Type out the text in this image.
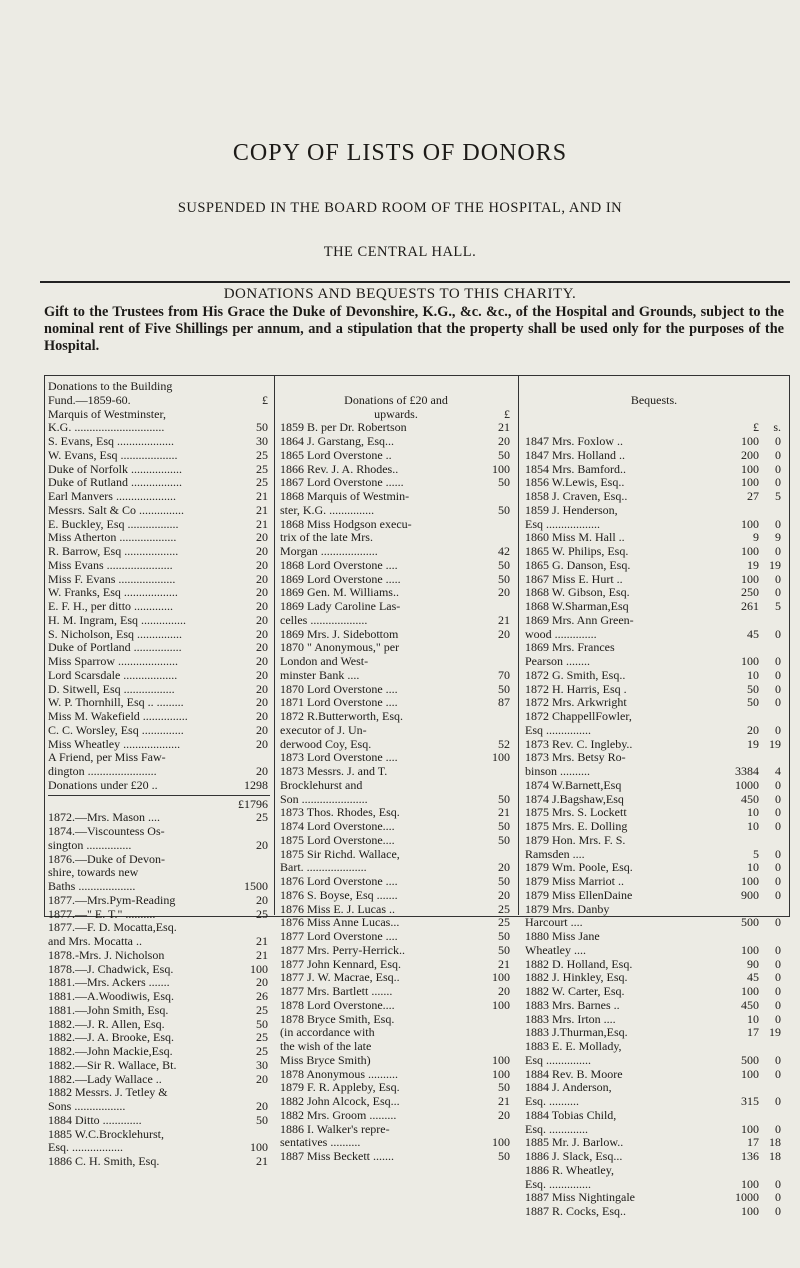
COPY OF LISTS OF DONORS
SUSPENDED IN THE BOARD ROOM OF THE HOSPITAL, AND IN
THE CENTRAL HALL.
DONATIONS AND BEQUESTS TO THIS CHARITY.
Gift to the Trustees from His Grace the Duke of Devonshire, K.G., &c. &c., of the Hospital and Grounds, subject to the nominal rent of Five Shillings per annum, and a stipulation that the property shall be used only for the purposes of the Hospital.
Donations to the Building
Fund.—1859-60.	£
Marquis of Westminster,
K.G. ..............................	50
S. Evans, Esq ...................	30
W. Evans, Esq ...................	25
Duke of Norfolk .................	25
Duke of Rutland .................	25
Earl Manvers ....................	21
Messrs. Salt & Co ...............	21
E. Buckley, Esq .................	21
Miss Atherton ...................	20
R. Barrow, Esq ..................	20
Miss Evans ......................	20
Miss F. Evans ...................	20
W. Franks, Esq ..................	20
E. F. H., per ditto .............	20
H. M. Ingram, Esq ...............	20
S. Nicholson, Esq ...............	20
Duke of Portland ................	20
Miss Sparrow ....................	20
Lord Scarsdale ..................	20
D. Sitwell, Esq .................	20
W. P. Thornhill, Esq .. .........	20
Miss M. Wakefield ...............	20
C. C. Worsley, Esq ..............	20
Miss Wheatley ...................	20
A Friend, per Miss Faw-
dington .......................	20
Donations under £20 ..	1298
£1796
1872.—Mrs. Mason ....	25
1874.—Viscountess Os-
sington ...............	20
1876.—Duke of Devon-
shire, towards new
Baths ...................	1500
1877.—Mrs.Pym-Reading	20
1877.—" E. T." ..........	25
1877.—F. D. Mocatta,Esq.
and Mrs. Mocatta ..	21
1878.-Mrs. J. Nicholson	21
1878.—J. Chadwick, Esq.	100
1881.—Mrs. Ackers .......	20
1881.—A.Woodiwis, Esq.	26
1881.—John Smith, Esq.	25
1882.—J. R. Allen, Esq.	50
1882.—J. A. Brooke, Esq.	25
1882.—John Mackie,Esq.	25
1882.—Sir R. Wallace, Bt.	30
1882.—Lady Wallace ..	20
1882 Messrs. J. Tetley &
Sons .................	20
1884 Ditto .............	50
1885 W.C.Brocklehurst,
Esq. .................	100
1886 C. H. Smith, Esq.	21
Donations of £20 and
upwards.	£
1859 B. per Dr. Robertson	21
1864 J. Garstang, Esq...	20
1865 Lord Overstone ..	50
1866 Rev. J. A. Rhodes..	100
1867 Lord Overstone ......	50
1868 Marquis of Westmin-
ster, K.G. ...............	50
1868 Miss Hodgson execu-
trix of the late Mrs.
Morgan ...................	42
1868 Lord Overstone ....	50
1869 Lord Overstone .....	50
1869 Gen. M. Williams..	20
1869 Lady Caroline Las-
celles ...................	21
1869 Mrs. J. Sidebottom	20
1870 " Anonymous," per
London and West-
minster Bank ....	70
1870 Lord Overstone ....	50
1871 Lord Overstone ....	87
1872 R.Butterworth, Esq.
executor of J. Un-
derwood Coy, Esq.	52
1873 Lord Overstone ....	100
1873 Messrs. J. and T.
Brocklehurst and
Son ......................	50
1873 Thos. Rhodes, Esq.	21
1874 Lord Overstone....	50
1875 Lord Overstone....	50
1875 Sir Richd. Wallace,
Bart. ....................	20
1876 Lord Overstone ....	50
1876 S. Boyse, Esq .......	20
1876 Miss E. J. Lucas ..	25
1876 Miss Anne Lucas...	25
1877 Lord Overstone ....	50
1877 Mrs. Perry-Herrick..	50
1877 John Kennard, Esq.	21
1877 J. W. Macrae, Esq..	100
1877 Mrs. Bartlett .......	20
1878 Lord Overstone....	100
1878 Bryce Smith, Esq.
(in accordance with
the wish of the late
Miss Bryce Smith)	100
1878 Anonymous ..........	100
1879 F. R. Appleby, Esq.	50
1882 John Alcock, Esq...	21
1882 Mrs. Groom .........	20
1886 I. Walker's repre-
sentatives ..........	100
1887 Miss Beckett .......	50
Bequests.
£	s.
1847 Mrs. Foxlow ..	100	0
1847 Mrs. Holland ..	200	0
1854 Mrs. Bamford..	100	0
1856 W.Lewis, Esq..	100	0
1858 J. Craven, Esq..	27	5
1859 J. Henderson,
Esq ..................	100	0
1860 Miss M. Hall ..	9	9
1865 W. Philips, Esq.	100	0
1865 G. Danson, Esq.	19 19
1867 Miss E. Hurt ..	100	0
1868 W. Gibson, Esq.	250	0
1868 W.Sharman,Esq	261	5
1869 Mrs. Ann Green-
wood ..............	45	0
1869 Mrs. Frances
Pearson ........	100	0
1872 G. Smith, Esq..	10	0
1872 H. Harris, Esq .	50	0
1872 Mrs. Arkwright	50	0
1872 ChappellFowler,
Esq ...............	20	0
1873 Rev. C. Ingleby..	19 19
1873 Mrs. Betsy Ro-
binson ..........	3384	4
1874 W.Barnett,Esq	1000	0
1874 J.Bagshaw,Esq	450	0
1875 Mrs. S. Lockett	10	0
1875 Mrs. E. Dolling	10	0
1879 Hon. Mrs. F. S.
Ramsden ....	5	0
1879 Wm. Poole, Esq.	10	0
1879 Miss Marriot ..	100	0
1879 Miss EllenDaine	900	0
1879 Mrs. Danby
Harcourt ....	500	0
1880 Miss Jane
Wheatley ....	100	0
1882 D. Holland, Esq.	90	0
1882 J. Hinkley, Esq.	45	0
1882 W. Carter, Esq.	100	0
1883 Mrs. Barnes ..	450	0
1883 Mrs. Irton ....	10	0
1883 J.Thurman,Esq.	17 19
1883 E. E. Mollady,
Esq ...............	500	0
1884 Rev. B. Moore	100	0
1884 J. Anderson,
Esq. ..........	315	0
1884 Tobias Child,
Esq. .............	100	0
1885 Mr. J. Barlow..	17 18
1886 J. Slack, Esq...	136 18
1886 R. Wheatley,
Esq. ..............	100	0
1887 Miss Nightingale	1000	0
1887 R. Cocks, Esq..	100	0
